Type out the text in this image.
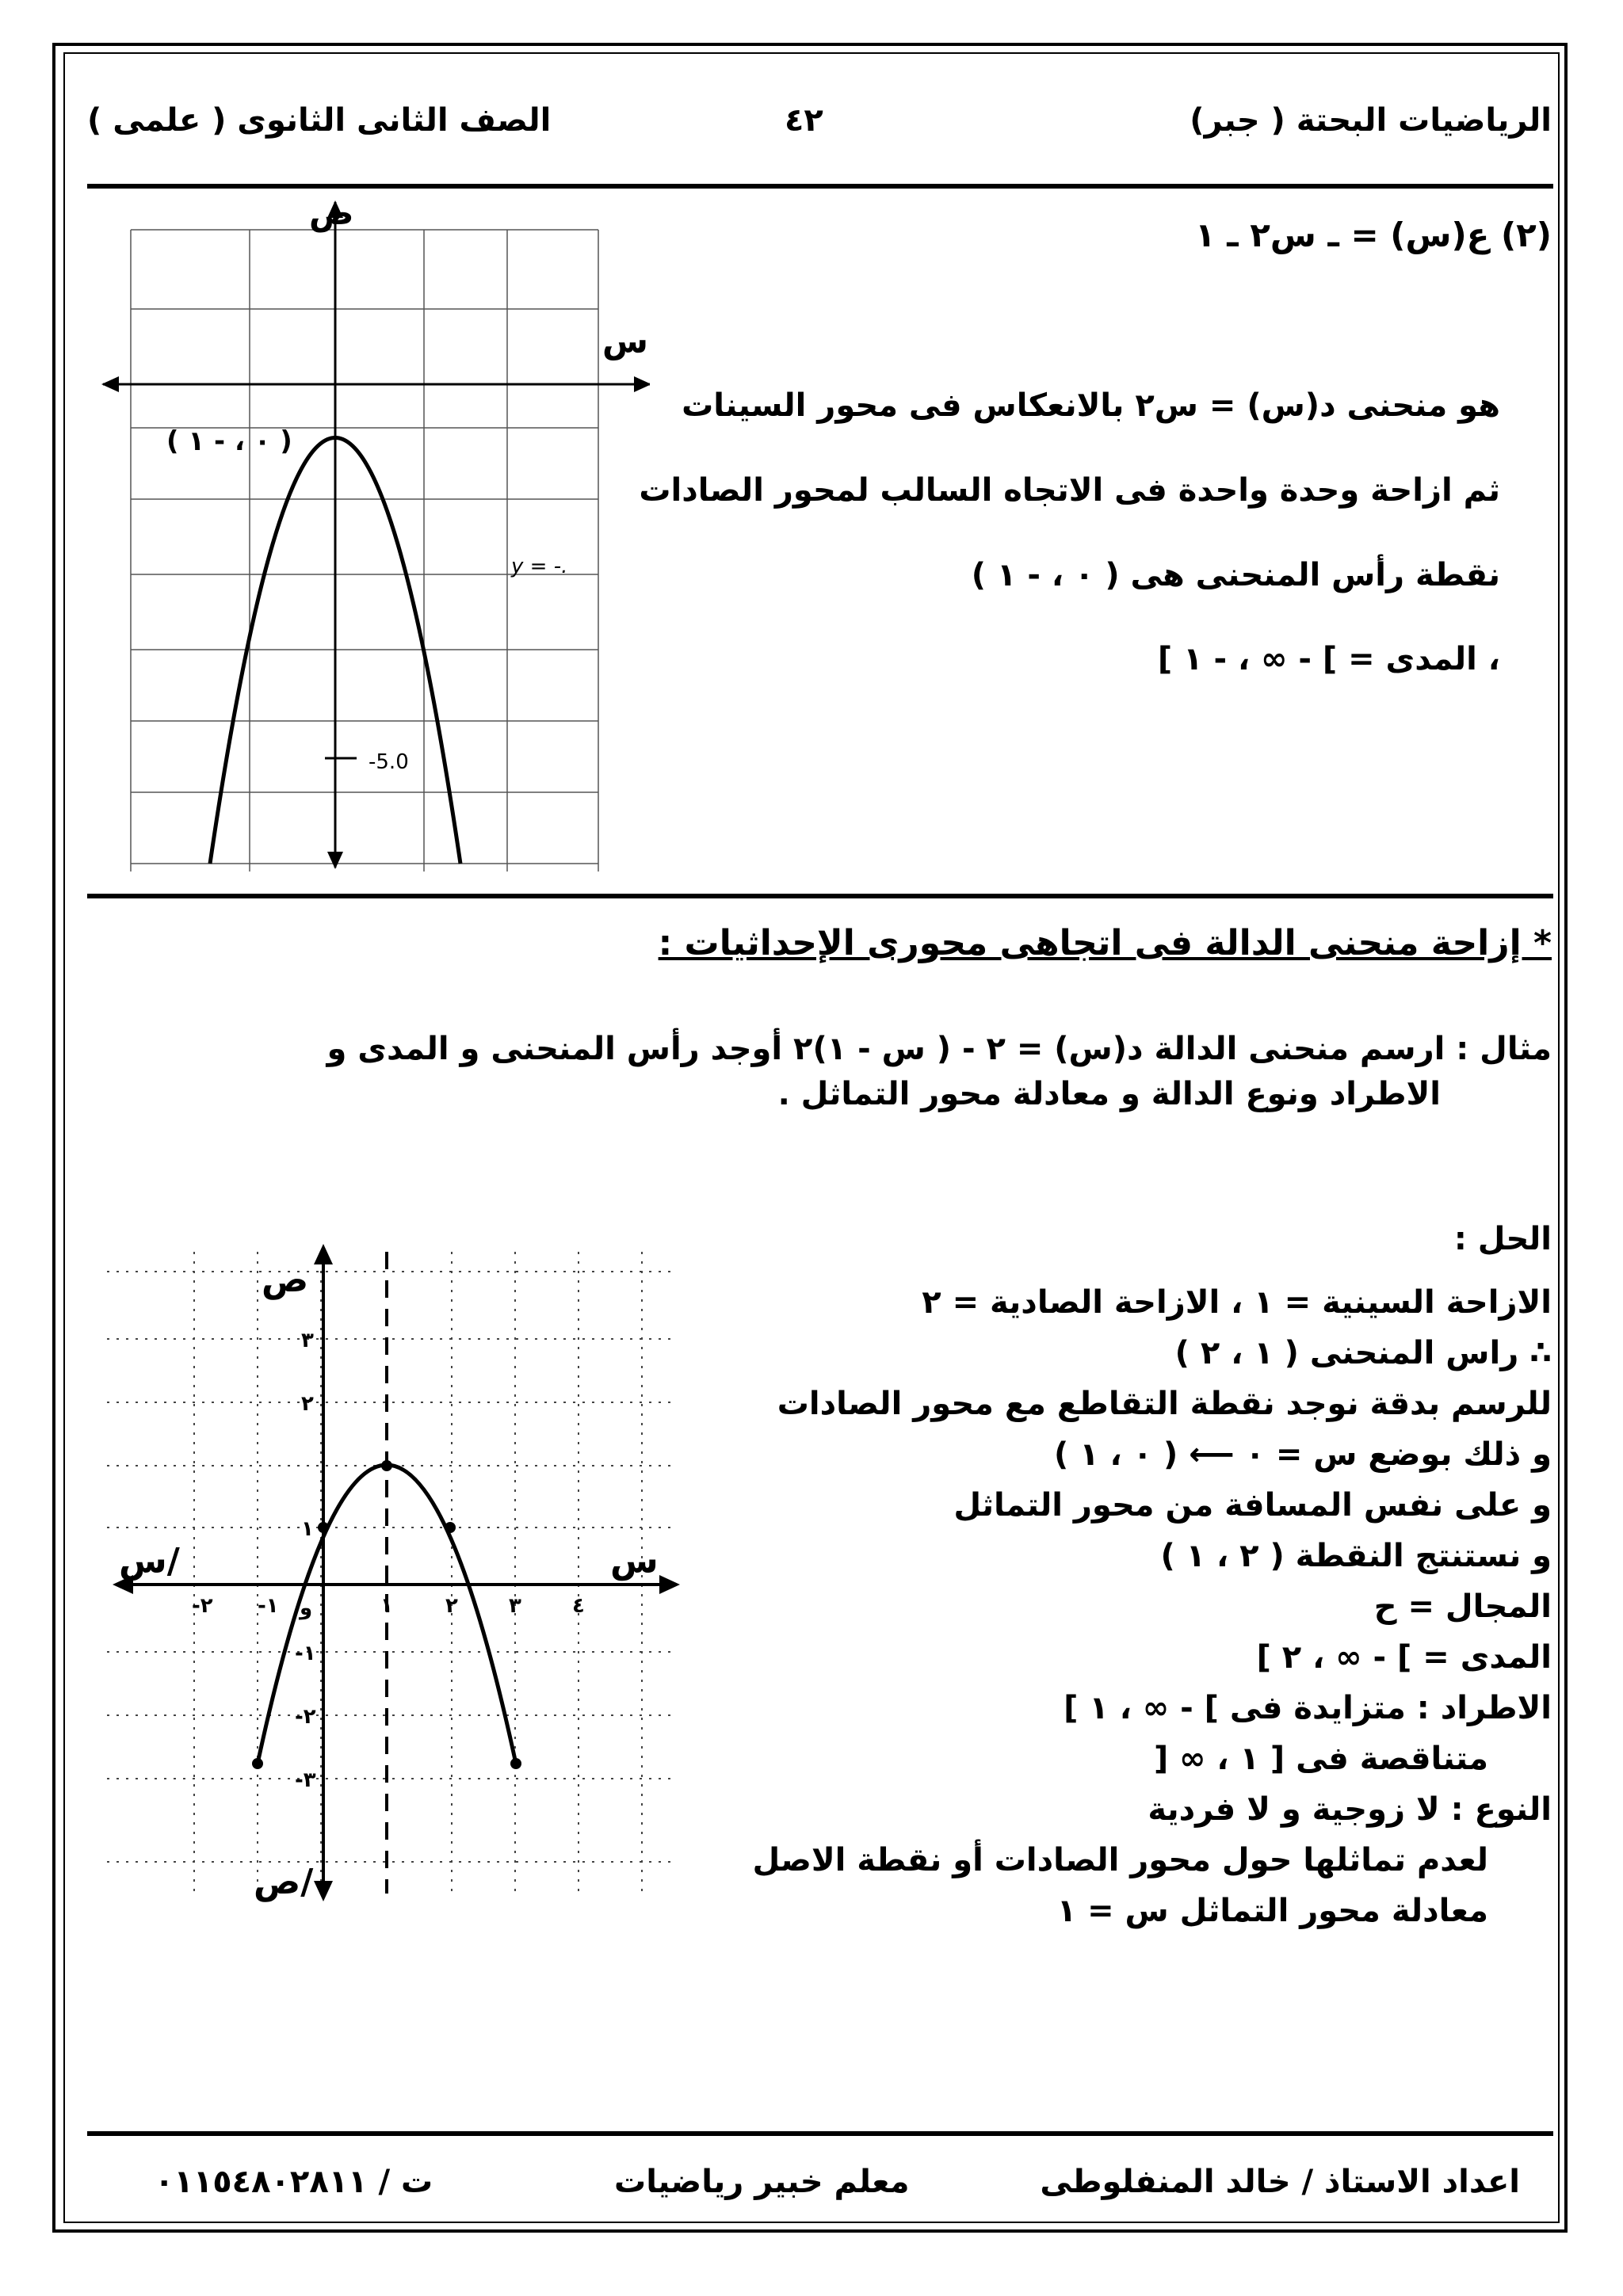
الرياضيات البحتة ( جبر)
٤٢
الصف الثانى الثانوى ( علمى )
(٢) ع(س) = ـ س٢ ـ ١
هو منحنى د(س) = س٢ بالانعكاس فى محور السينات
ثم ازاحة وحدة واحدة فى الاتجاه السالب لمحور الصادات
نقطة رأس المنحنى هى ( ٠ ، - ١ )
، المدى = ] - ∞ ، - ١ ]
ص
س
( ٠ ، - ١ )
y = -.
-5.0
* إزاحة منحنى الدالة فى اتجاهى محورى الإحداثيات :
مثال : ارسم منحنى الدالة د(س) = ٢ - ( س - ١)٢ أوجد رأس المنحنى و المدى و
الاطراد ونوع الدالة و معادلة محور التماثل .
الحل :
الازاحة السينية = ١ ، الازاحة الصادية = ٢
∴ راس المنحنى ( ١ ، ٢ )
للرسم بدقة نوجد نقطة التقاطع مع محور الصادات
و ذلك بوضع س = ٠ ⟵ ( ٠ ، ١ )
و على نفس المسافة من محور التماثل
و نستنتج النقطة ( ٢ ، ١ )
المجال = ح
المدى = ] - ∞ ، ٢ ]
الاطراد : متزايدة فى ] - ∞ ، ١ ]
متناقصة فى [ ١ ، ∞ [
النوع : لا زوجية و لا فردية
لعدم تماثلها حول محور الصادات أو نقطة الاصل
معادلة محور التماثل س = ١
ص
ص/
س
س/
و
-٢ -١	١	٢ ٣ ٤
٣
٢
١
-١
-٢
-٣
اعداد الاستاذ / خالد المنفلوطى
معلم خبير رياضيات
ت / ٠١١٥٤٨٠٢٨١١
